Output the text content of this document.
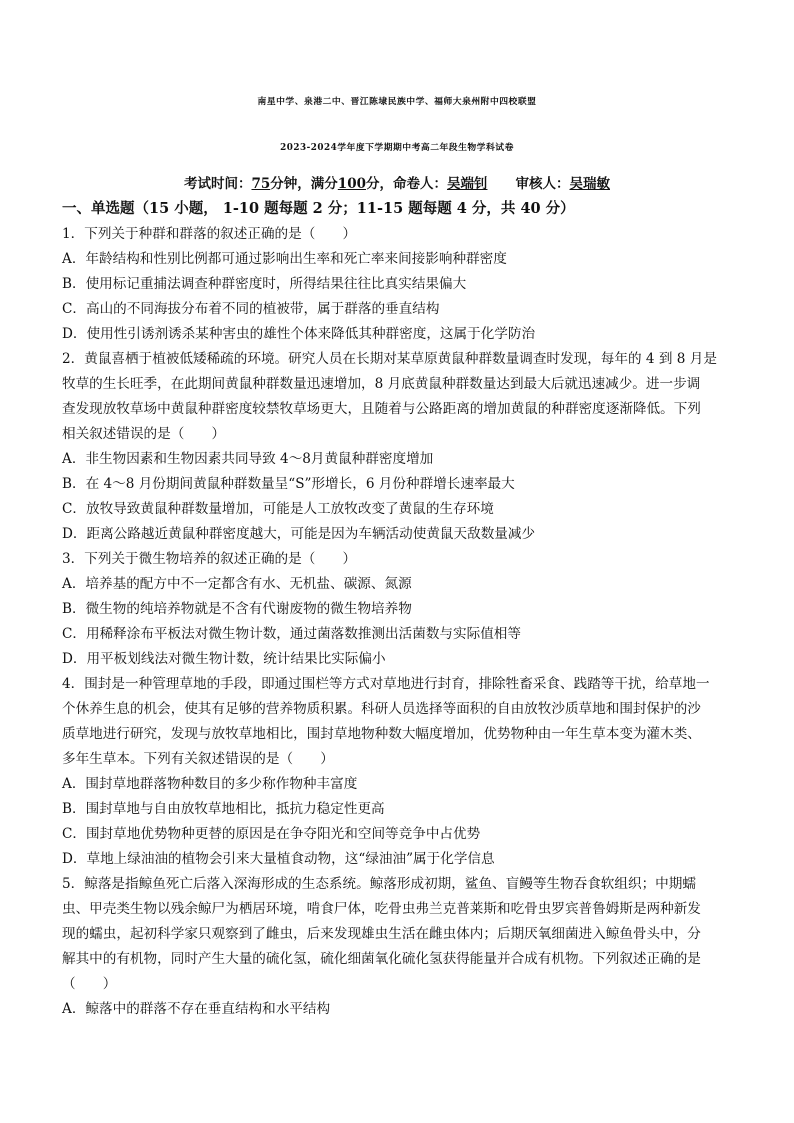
南星中学、泉港二中、晋江陈埭民族中学、福师大泉州附中四校联盟
2023-2024学年度下学期期中考高二年段生物学科试卷
考试时间：75分钟，满分100分，命卷人：吴端钊 审核人：吴瑞敏
一、单选题（15 小题， 1-10 题每题 2 分；11-15 题每题 4 分，共 40 分）
1．下列关于种群和群落的叙述正确的是（　　）
A．年龄结构和性别比例都可通过影响出生率和死亡率来间接影响种群密度
B．使用标记重捕法调查种群密度时，所得结果往往比真实结果偏大
C．高山的不同海拔分布着不同的植被带，属于群落的垂直结构
D．使用性引诱剂诱杀某种害虫的雄性个体来降低其种群密度，这属于化学防治
2．黄鼠喜栖于植被低矮稀疏的环境。研究人员在长期对某草原黄鼠种群数量调查时发现，每年的 4 到 8 月是
牧草的生长旺季，在此期间黄鼠种群数量迅速增加，8 月底黄鼠种群数量达到最大后就迅速减少。进一步调
查发现放牧草场中黄鼠种群密度较禁牧草场更大，且随着与公路距离的增加黄鼠的种群密度逐渐降低。下列
相关叙述错误的是（　　）
A．非生物因素和生物因素共同导致 4～8月黄鼠种群密度增加
B．在 4～8 月份期间黄鼠种群数量呈“S”形增长，6 月份种群增长速率最大
C．放牧导致黄鼠种群数量增加，可能是人工放牧改变了黄鼠的生存环境
D．距离公路越近黄鼠种群密度越大，可能是因为车辆活动使黄鼠天敌数量减少
3．下列关于微生物培养的叙述正确的是（　　）
A．培养基的配方中不一定都含有水、无机盐、碳源、氮源
B．微生物的纯培养物就是不含有代谢废物的微生物培养物
C．用稀释涂布平板法对微生物计数，通过菌落数推测出活菌数与实际值相等
D．用平板划线法对微生物计数，统计结果比实际偏小
4．围封是一种管理草地的手段，即通过围栏等方式对草地进行封育，排除牲畜采食、践踏等干扰，给草地一
个休养生息的机会，使其有足够的营养物质积累。科研人员选择等面积的自由放牧沙质草地和围封保护的沙
质草地进行研究，发现与放牧草地相比，围封草地物种数大幅度增加，优势物种由一年生草本变为灌木类、
多年生草本。下列有关叙述错误的是（　　）
A．围封草地群落物种数目的多少称作物种丰富度
B．围封草地与自由放牧草地相比，抵抗力稳定性更高
C．围封草地优势物种更替的原因是在争夺阳光和空间等竞争中占优势
D．草地上绿油油的植物会引来大量植食动物，这“绿油油”属于化学信息
5．鲸落是指鲸鱼死亡后落入深海形成的生态系统。鲸落形成初期，鲨鱼、盲鳗等生物吞食软组织；中期蠕
虫、甲壳类生物以残余鲸尸为栖居环境，啃食尸体，吃骨虫弗兰克普莱斯和吃骨虫罗宾普鲁姆斯是两种新发
现的蠕虫，起初科学家只观察到了雌虫，后来发现雄虫生活在雌虫体内；后期厌氧细菌进入鲸鱼骨头中，分
解其中的有机物，同时产生大量的硫化氢，硫化细菌氧化硫化氢获得能量并合成有机物。下列叙述正确的是
（　　）
A．鲸落中的群落不存在垂直结构和水平结构
